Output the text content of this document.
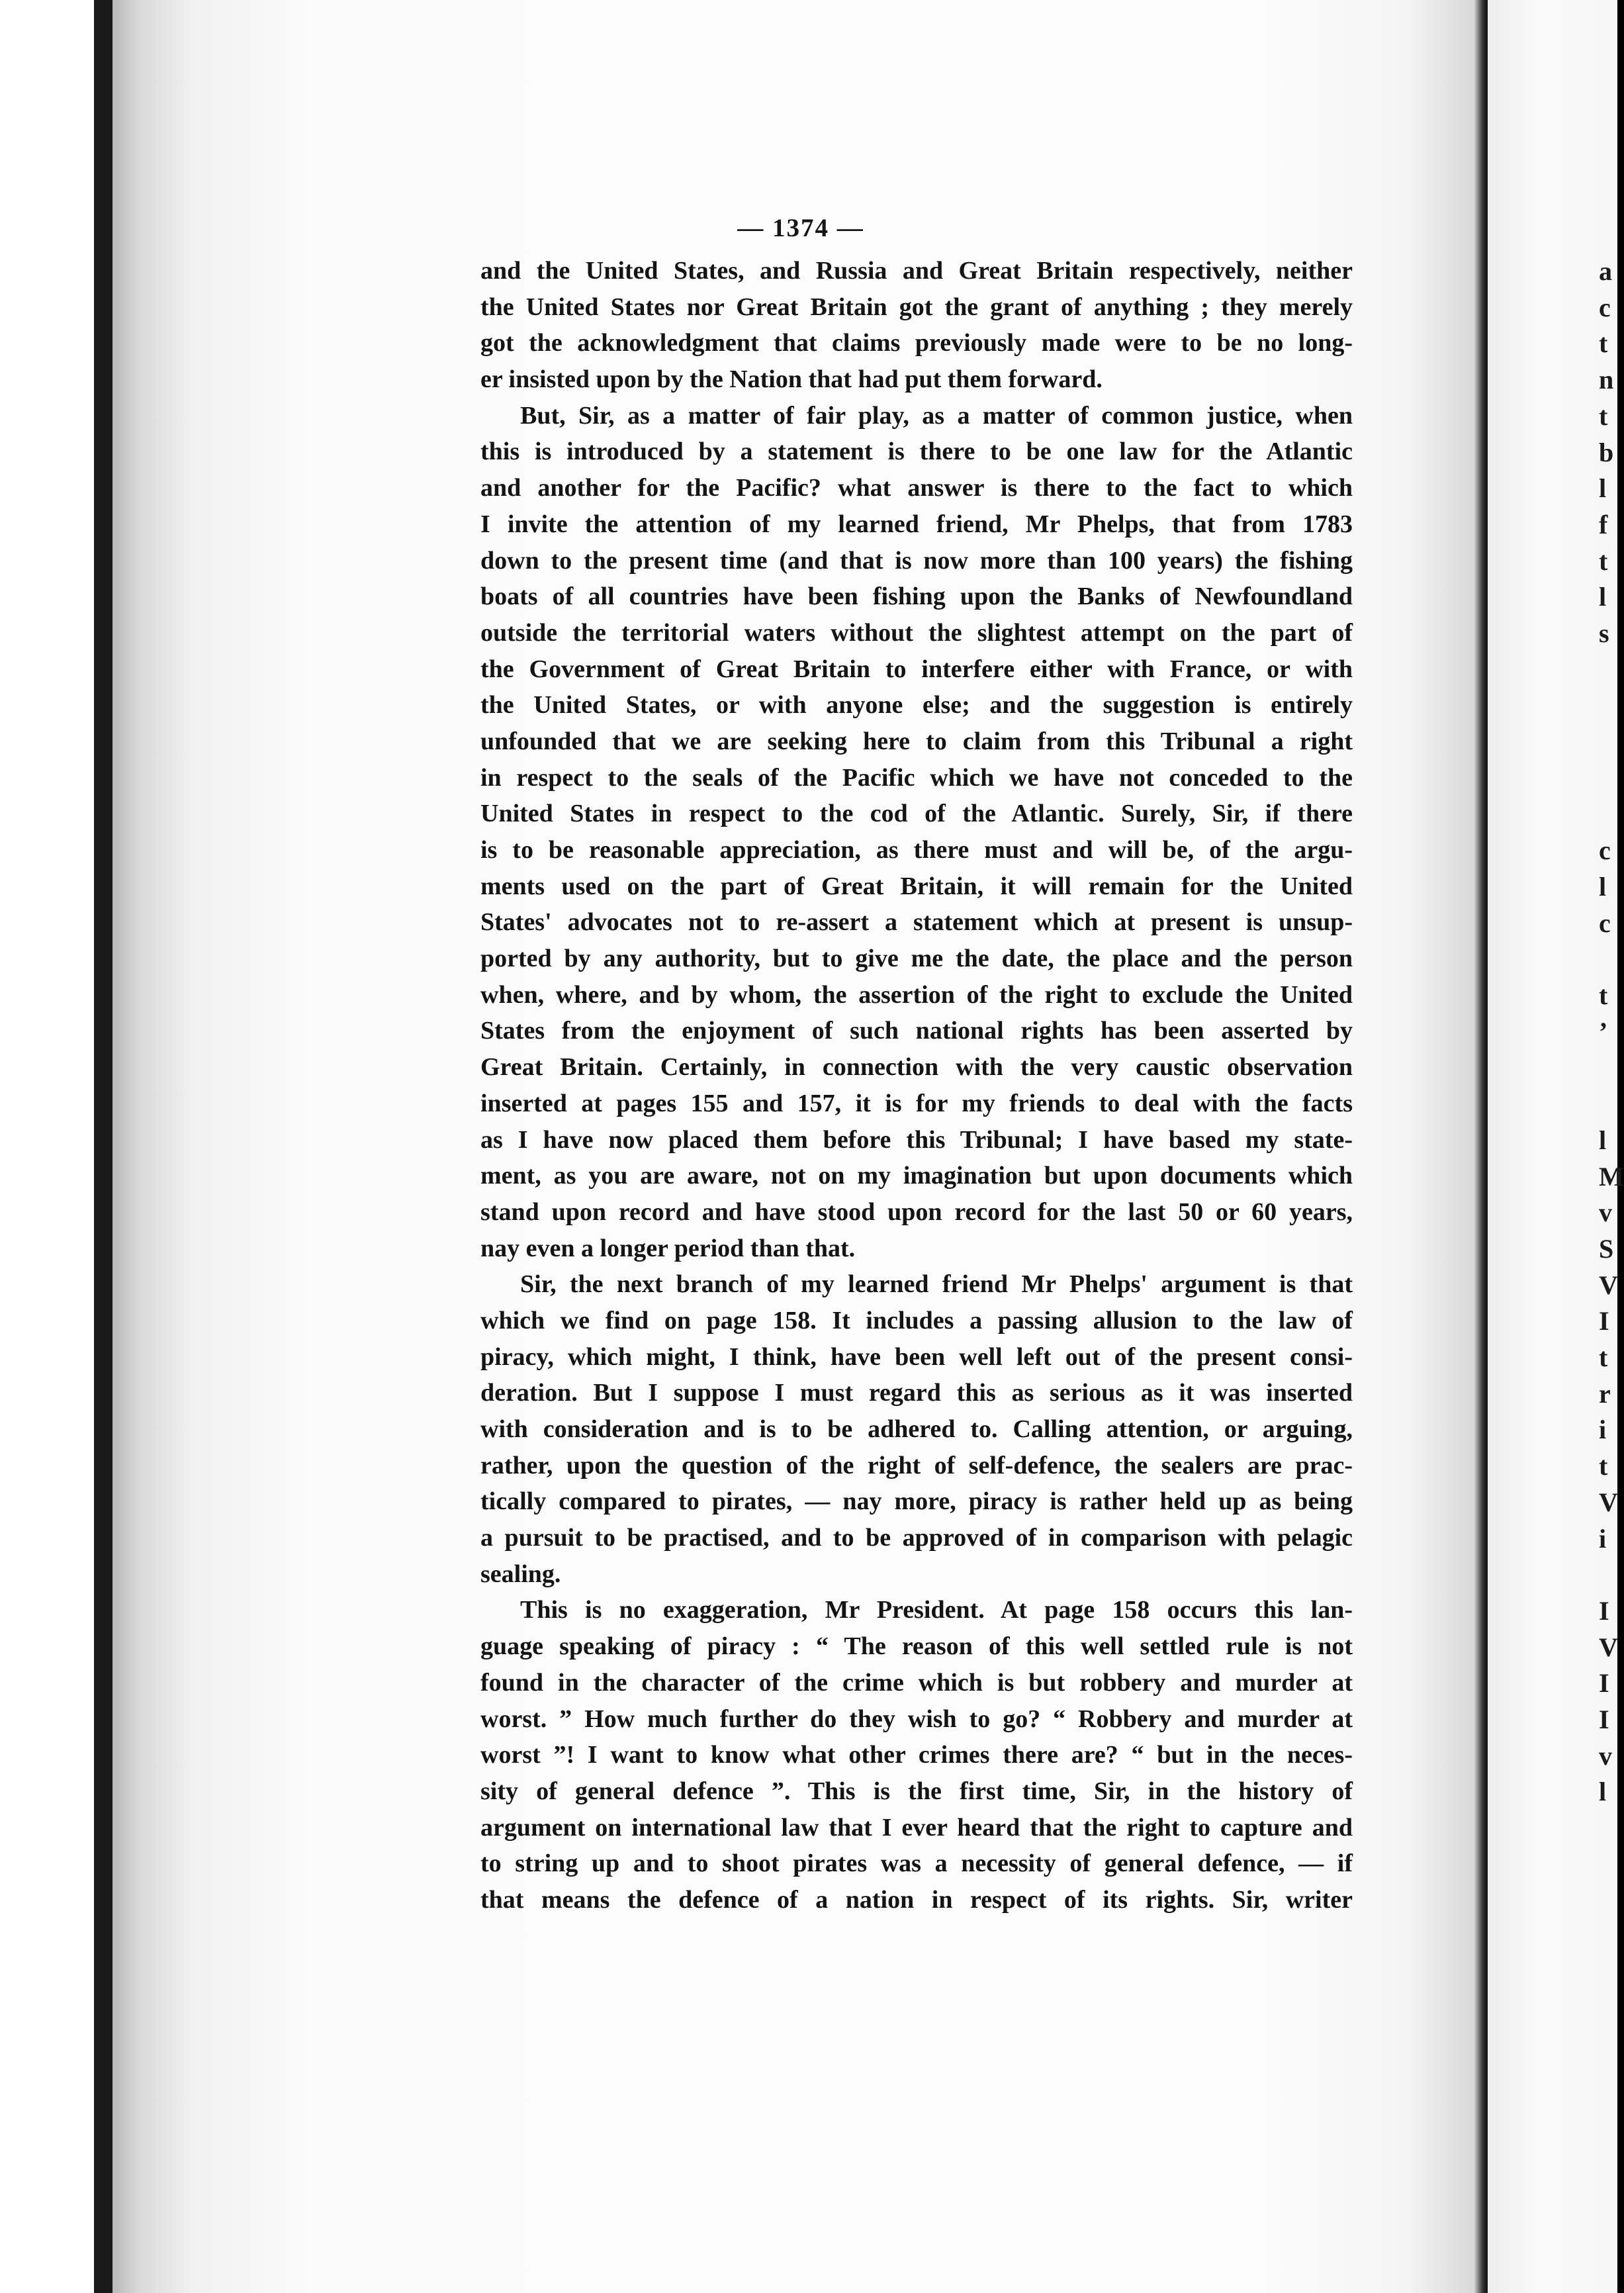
— 1374 —
and the United States, and Russia and Great Britain respectively, neither
the United States nor Great Britain got the grant of anything ; they merely
got the acknowledgment that claims previously made were to be no long-
er insisted upon by the Nation that had put them forward.
But, Sir, as a matter of fair play, as a matter of common justice, when
this is introduced by a statement is there to be one law for the Atlantic
and another for the Pacific? what answer is there to the fact to which
I invite the attention of my learned friend, Mr Phelps, that from 1783
down to the present time (and that is now more than 100 years) the fishing
boats of all countries have been fishing upon the Banks of Newfoundland
outside the territorial waters without the slightest attempt on the part of
the Government of Great Britain to interfere either with France, or with
the United States, or with anyone else; and the suggestion is entirely
unfounded that we are seeking here to claim from this Tribunal a right
in respect to the seals of the Pacific which we have not conceded to the
United States in respect to the cod of the Atlantic. Surely, Sir, if there
is to be reasonable appreciation, as there must and will be, of the argu-
ments used on the part of Great Britain, it will remain for the United
States' advocates not to re-assert a statement which at present is unsup-
ported by any authority, but to give me the date, the place and the person
when, where, and by whom, the assertion of the right to exclude the United
States from the enjoyment of such national rights has been asserted by
Great Britain. Certainly, in connection with the very caustic observation
inserted at pages 155 and 157, it is for my friends to deal with the facts
as I have now placed them before this Tribunal; I have based my state-
ment, as you are aware, not on my imagination but upon documents which
stand upon record and have stood upon record for the last 50 or 60 years,
nay even a longer period than that.
Sir, the next branch of my learned friend Mr Phelps' argument is that
which we find on page 158. It includes a passing allusion to the law of
piracy, which might, I think, have been well left out of the present consi-
deration. But I suppose I must regard this as serious as it was inserted
with consideration and is to be adhered to. Calling attention, or arguing,
rather, upon the question of the right of self-defence, the sealers are prac-
tically compared to pirates, — nay more, piracy is rather held up as being
a pursuit to be practised, and to be approved of in comparison with pelagic
sealing.
This is no exaggeration, Mr President. At page 158 occurs this lan-
guage speaking of piracy : “ The reason of this well settled rule is not
found in the character of the crime which is but robbery and murder at
worst. ” How much further do they wish to go? “ Robbery and murder at
worst ”! I want to know what other crimes there are? “ but in the neces-
sity of general defence ”. This is the first time, Sir, in the history of
argument on international law that I ever heard that the right to capture and
to string up and to shoot pirates was a necessity of general defence, — if
that means the defence of a nation in respect of its rights. Sir, writer
a
c
t
n
t
b
l
f
t
l
s
c
l
c
t
’
l
M
v
S
V
I
t
r
i
t
V
i
I
V
I
I
v
l
